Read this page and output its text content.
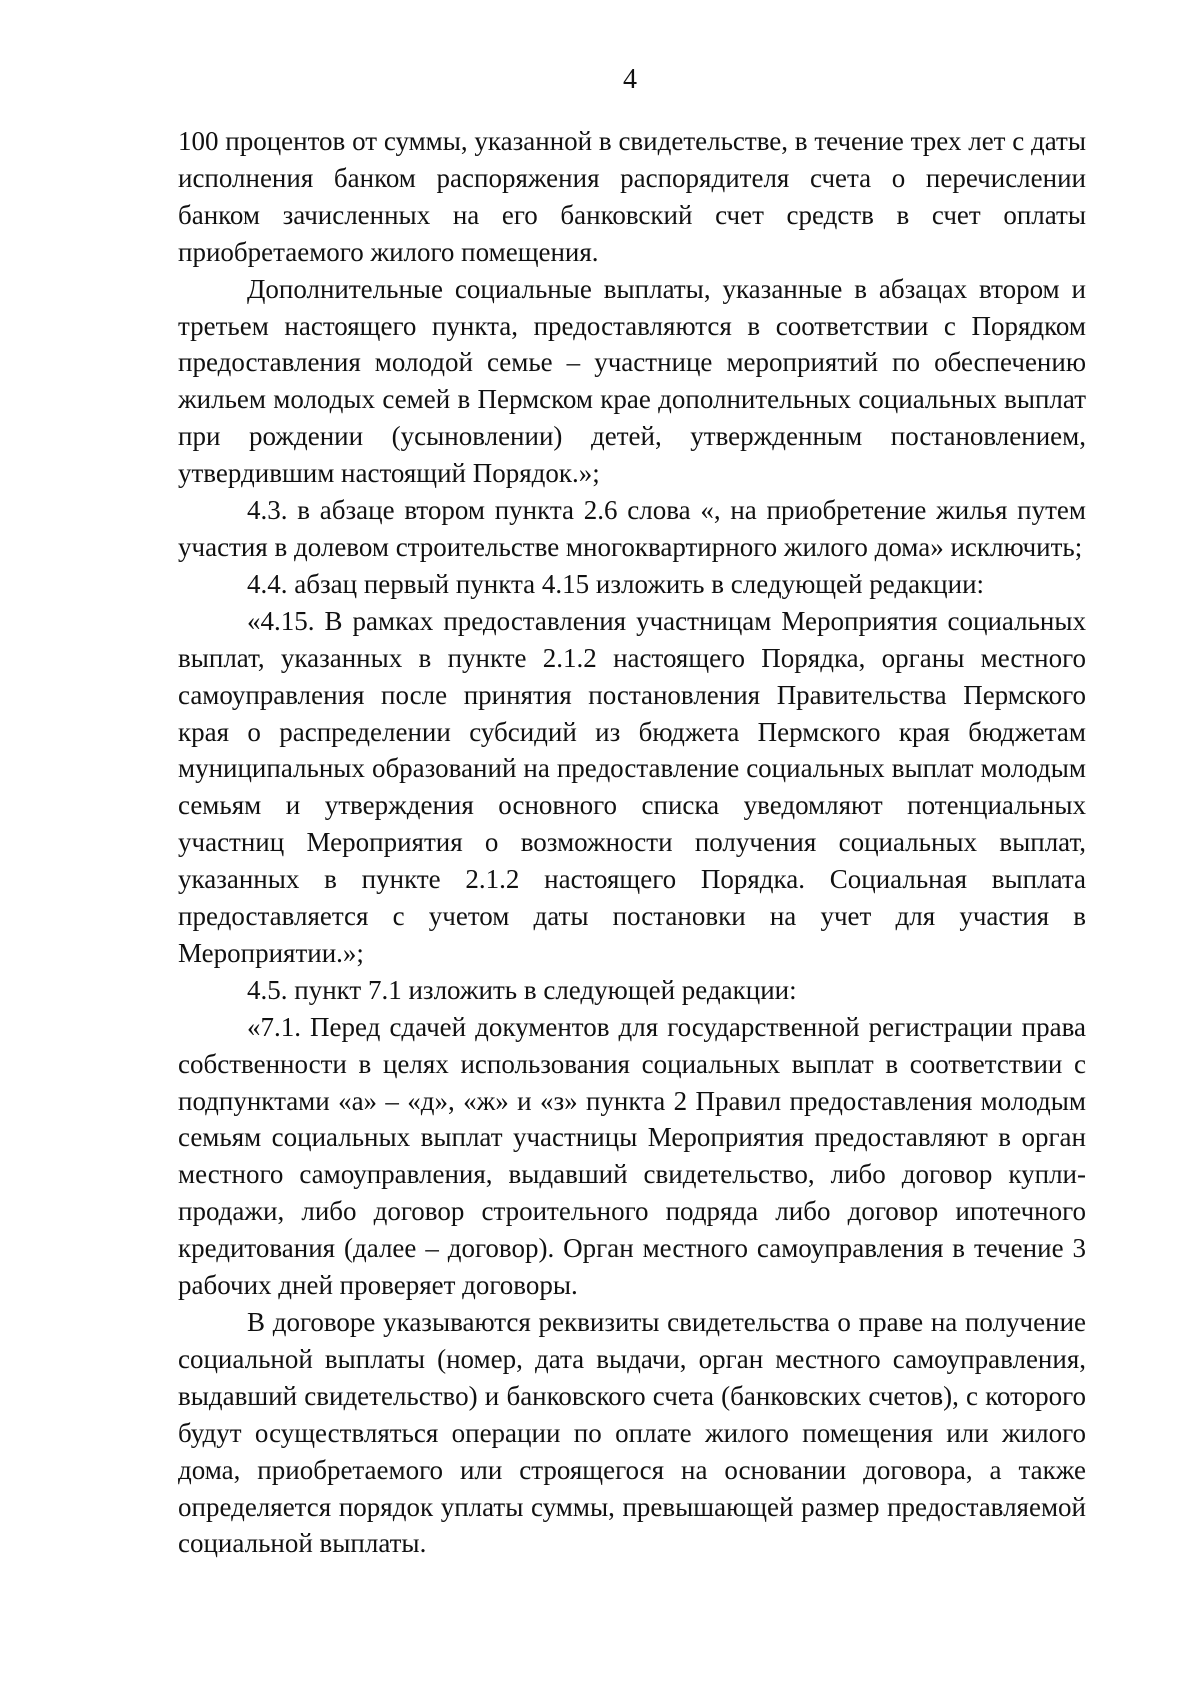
4

100 процентов от суммы, указанной в свидетельстве, в течение трех лет с даты исполнения банком распоряжения распорядителя счета о перечислении банком зачисленных на его банковский счет средств в счет оплаты приобретаемого жилого помещения.

Дополнительные социальные выплаты, указанные в абзацах втором и третьем настоящего пункта, предоставляются в соответствии с Порядком предоставления молодой семье – участнице мероприятий по обеспечению жильем молодых семей в Пермском крае дополнительных социальных выплат при рождении (усыновлении) детей, утвержденным постановлением, утвердившим настоящий Порядок.»;

4.3. в абзаце втором пункта 2.6 слова «, на приобретение жилья путем участия в долевом строительстве многоквартирного жилого дома» исключить;

4.4. абзац первый пункта 4.15 изложить в следующей редакции:

«4.15. В рамках предоставления участницам Мероприятия социальных выплат, указанных в пункте 2.1.2 настоящего Порядка, органы местного самоуправления после принятия постановления Правительства Пермского края о распределении субсидий из бюджета Пермского края бюджетам муниципальных образований на предоставление социальных выплат молодым семьям и утверждения основного списка уведомляют потенциальных участниц Мероприятия о возможности получения социальных выплат, указанных в пункте 2.1.2 настоящего Порядка. Социальная выплата предоставляется с учетом даты постановки на учет для участия в Мероприятии.»;

4.5. пункт 7.1 изложить в следующей редакции:

«7.1. Перед сдачей документов для государственной регистрации права собственности в целях использования социальных выплат в соответствии с подпунктами «а» – «д», «ж» и «з» пункта 2 Правил предоставления молодым семьям социальных выплат участницы Мероприятия предоставляют в орган местного самоуправления, выдавший свидетельство, либо договор купли-продажи, либо договор строительного подряда либо договор ипотечного кредитования (далее – договор). Орган местного самоуправления в течение 3 рабочих дней проверяет договоры.

В договоре указываются реквизиты свидетельства о праве на получение социальной выплаты (номер, дата выдачи, орган местного самоуправления, выдавший свидетельство) и банковского счета (банковских счетов), с которого будут осуществляться операции по оплате жилого помещения или жилого дома, приобретаемого или строящегося на основании договора, а также определяется порядок уплаты суммы, превышающей размер предоставляемой социальной выплаты.
